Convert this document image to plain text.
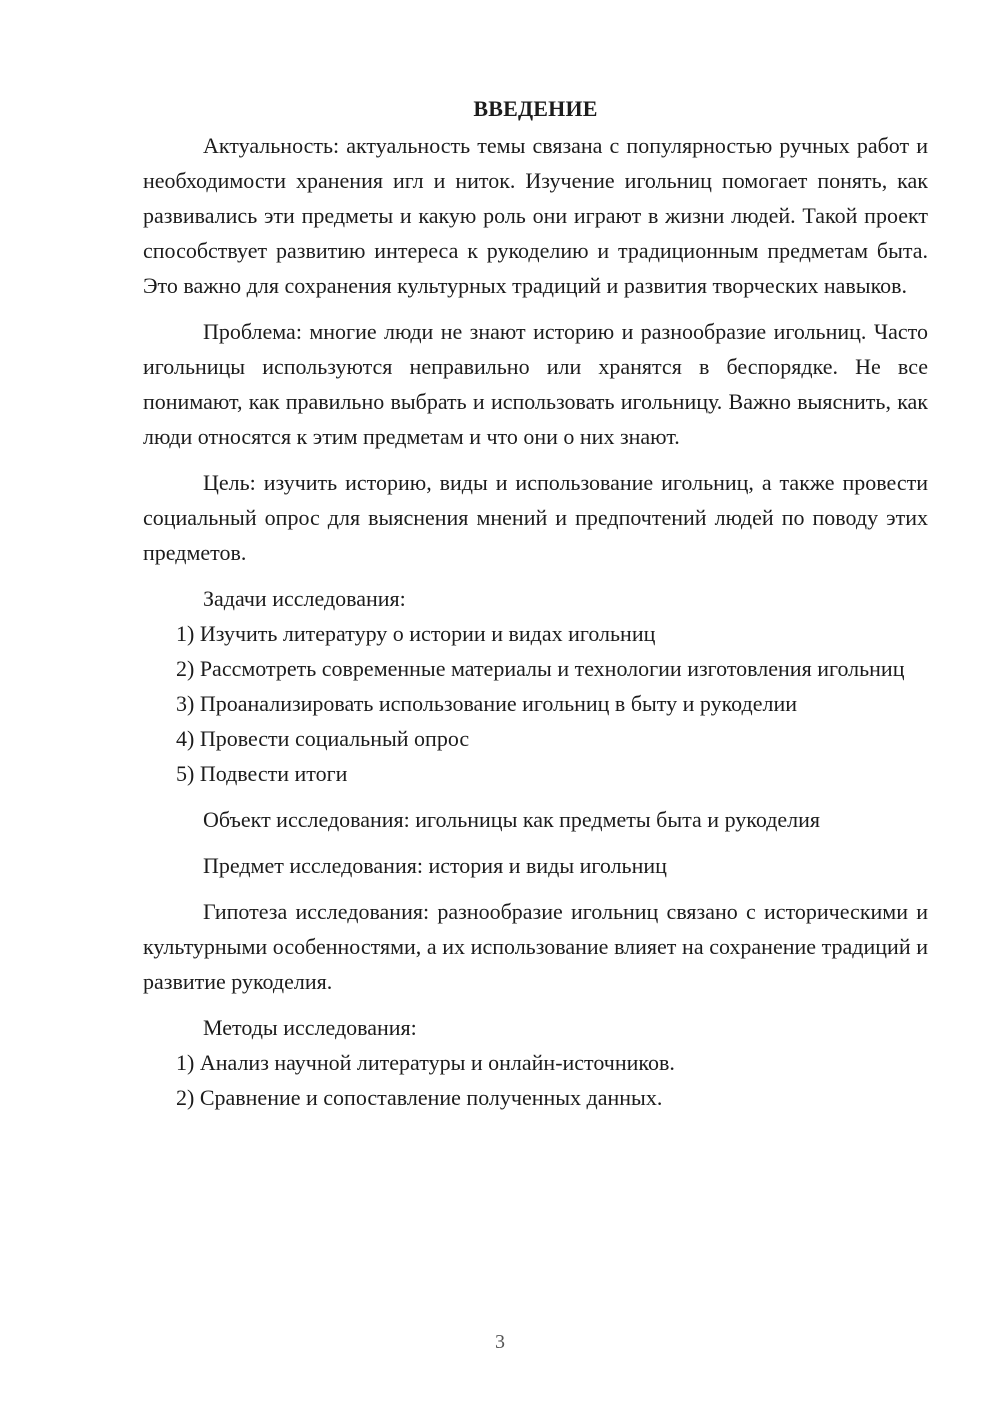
ВВЕДЕНИЕ

Актуальность: актуальность темы связана с популярностью ручных работ и необходимости хранения игл и ниток. Изучение игольниц помогает понять, как развивались эти предметы и какую роль они играют в жизни людей. Такой проект способствует развитию интереса к рукоделию и традиционным предметам быта. Это важно для сохранения культурных традиций и развития творческих навыков.

Проблема: многие люди не знают историю и разнообразие игольниц. Часто игольницы используются неправильно или хранятся в беспорядке. Не все понимают, как правильно выбрать и использовать игольницу. Важно выяснить, как люди относятся к этим предметам и что они о них знают.

Цель: изучить историю, виды и использование игольниц, а также провести социальный опрос для выяснения мнений и предпочтений людей по поводу этих предметов.

Задачи исследования:

1) Изучить литературу о истории и видах игольниц

2) Рассмотреть современные материалы и технологии изготовления игольниц

3) Проанализировать использование игольниц в быту и рукоделии

4) Провести социальный опрос

5) Подвести итоги

Объект исследования: игольницы как предметы быта и рукоделия

Предмет исследования: история и виды игольниц

Гипотеза исследования: разнообразие игольниц связано с историческими и культурными особенностями, а их использование влияет на сохранение традиций и развитие рукоделия.

Методы исследования:

1) Анализ научной литературы и онлайн-источников.

2) Сравнение и сопоставление полученных данных.

3
